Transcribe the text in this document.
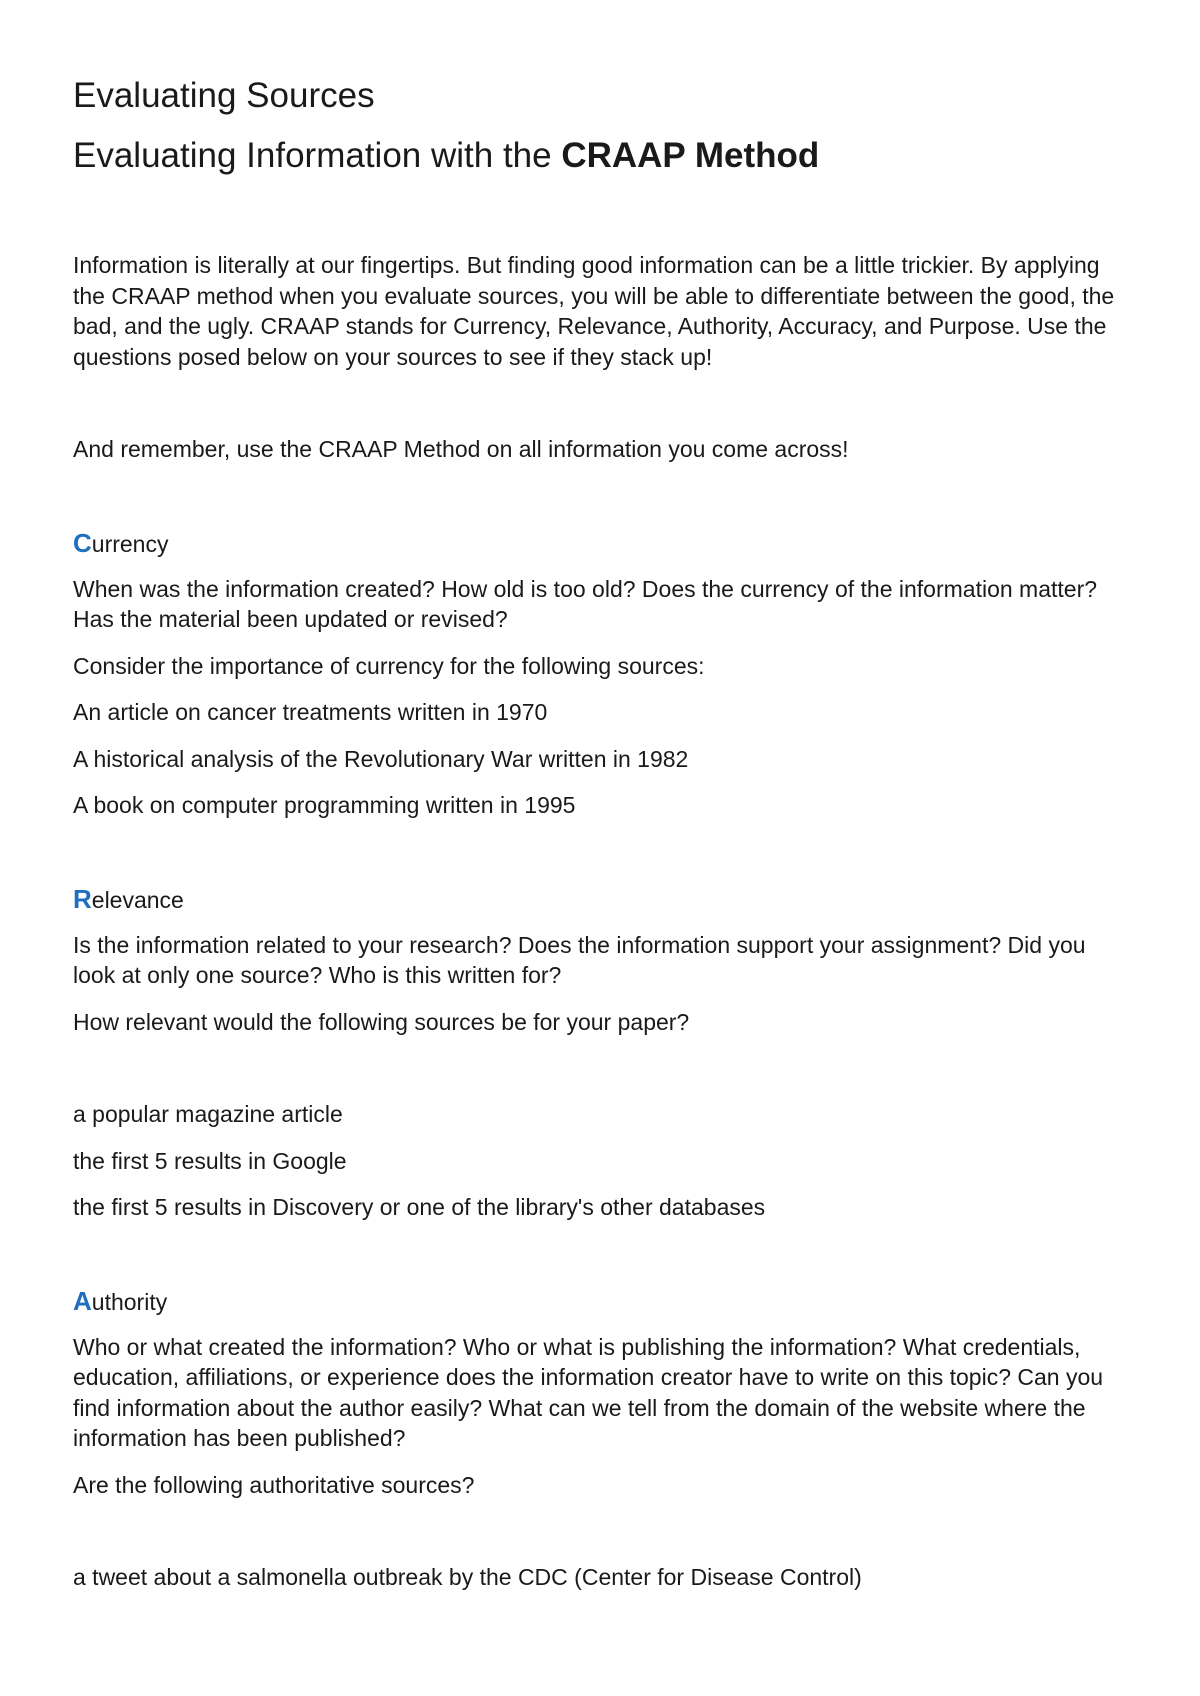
Evaluating Sources
Evaluating Information with the CRAAP Method

Information is literally at our fingertips. But finding good information can be a little trickier. By applying the CRAAP method when you evaluate sources, you will be able to differentiate between the good, the bad, and the ugly. CRAAP stands for Currency, Relevance, Authority, Accuracy, and Purpose. Use the questions posed below on your sources to see if they stack up!

And remember, use the CRAAP Method on all information you come across!

Currency

When was the information created? How old is too old? Does the currency of the information matter? Has the material been updated or revised?

Consider the importance of currency for the following sources:

An article on cancer treatments written in 1970

A historical analysis of the Revolutionary War written in 1982

A book on computer programming written in 1995

Relevance

Is the information related to your research? Does the information support your assignment? Did you look at only one source? Who is this written for?

How relevant would the following sources be for your paper?

a popular magazine article

the first 5 results in Google

the first 5 results in Discovery or one of the library's other databases

Authority

Who or what created the information? Who or what is publishing the information? What credentials, education, affiliations, or experience does the information creator have to write on this topic? Can you find information about the author easily? What can we tell from the domain of the website where the information has been published?

Are the following authoritative sources?

a tweet about a salmonella outbreak by the CDC (Center for Disease Control)
